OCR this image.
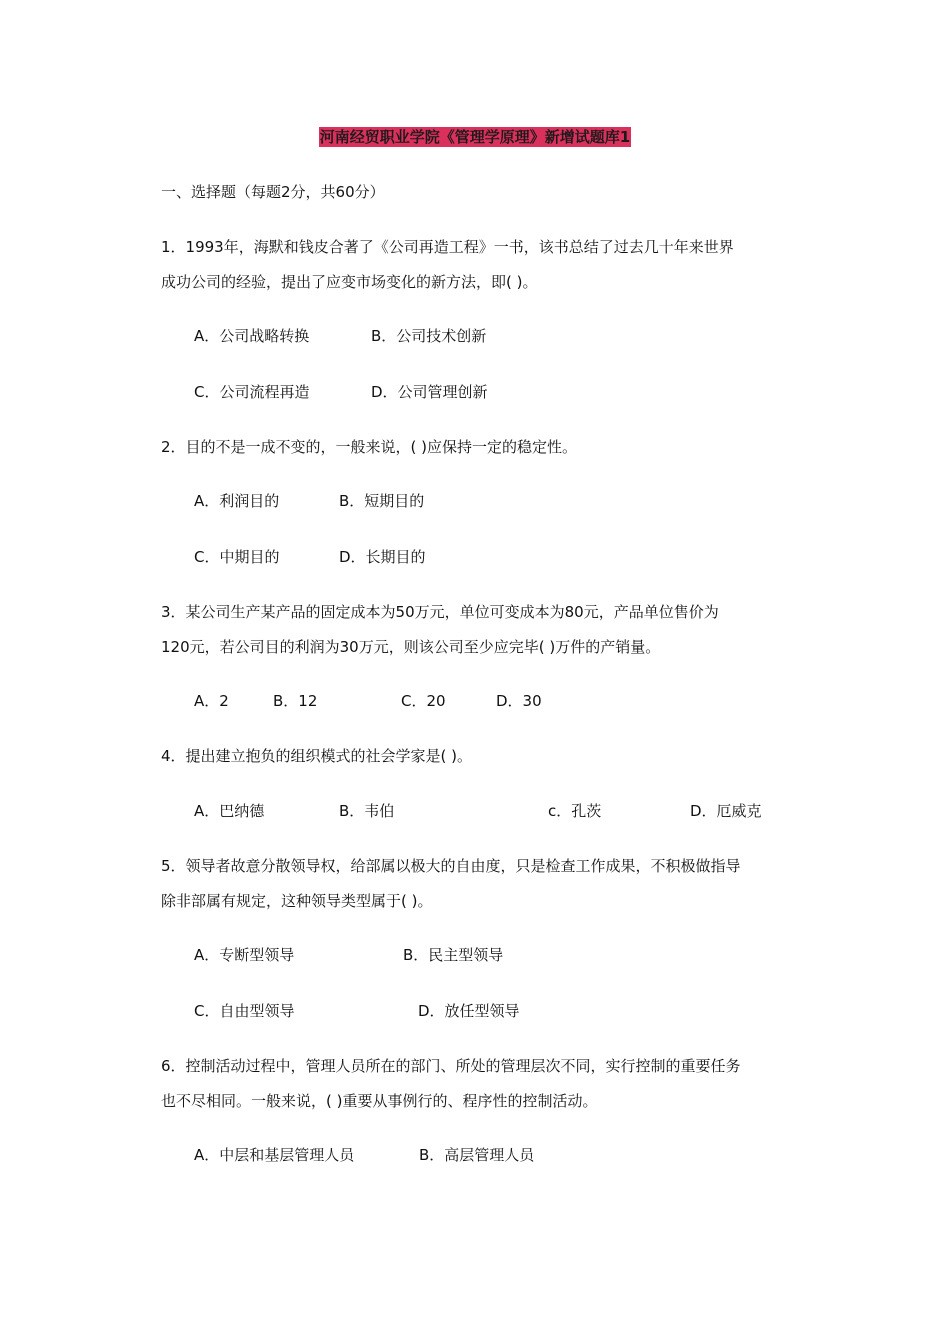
河南经贸职业学院《管理学原理》新增试题库1
一、选择题（每题2分，共60分）
1．1993年，海默和钱皮合著了《公司再造工程》一书，该书总结了过去几十年来世界
成功公司的经验，提出了应变市场变化的新方法，即( )。
A．公司战略转换	B．公司技术创新
C．公司流程再造	D．公司管理创新
2．目的不是一成不变的，一般来说，( )应保持一定的稳定性。
A．利润目的	B．短期目的
C．中期目的	D．长期目的
3．某公司生产某产品的固定成本为50万元，单位可变成本为80元，产品单位售价为
120元，若公司目的利润为30万元，则该公司至少应完毕( )万件的产销量。
A．2	B．12	C．20	D．30
4．提出建立抱负的组织模式的社会学家是( )。
A．巴纳德	B．韦伯	c．孔茨	D．厄威克
5．领导者故意分散领导权，给部属以极大的自由度，只是检查工作成果，不积极做指导
除非部属有规定，这种领导类型属于( )。
A．专断型领导	B．民主型领导
C．自由型领导	D．放任型领导
6．控制活动过程中，管理人员所在的部门、所处的管理层次不同，实行控制的重要任务
也不尽相同。一般来说，( )重要从事例行的、程序性的控制活动。
A．中层和基层管理人员	B．高层管理人员
